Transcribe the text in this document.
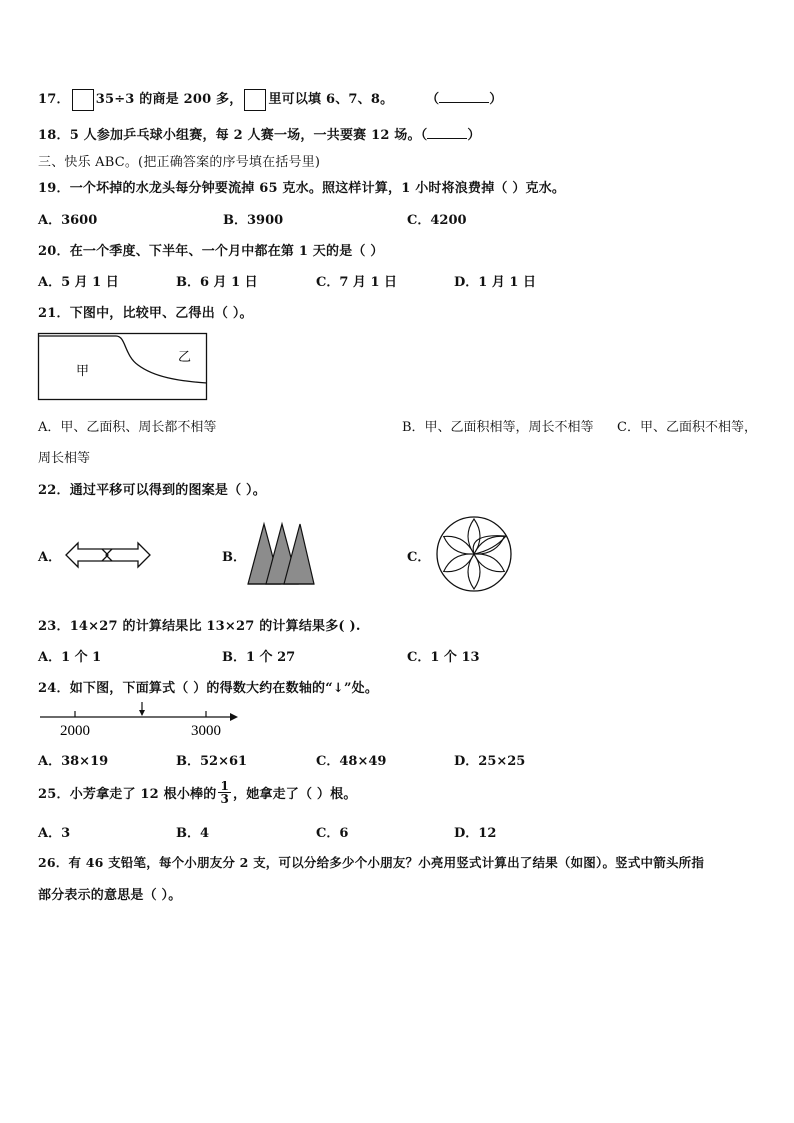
17． 35÷3 的商是 200 多， 里可以填 6、7、8。	（	）
18．5 人参加乒乓球小组赛，每 2 人赛一场，一共要赛 12 场。（	）
三、快乐 ABC。(把正确答案的序号填在括号里)
19．一个坏掉的水龙头每分钟要流掉 65 克水。照这样计算，1 小时将浪费掉（ ）克水。
A．3600	B．3900	C．4200
20．在一个季度、下半年、一个月中都在第 1 天的是（ ）
A．5 月 1 日	B．6 月 1 日	C．7 月 1 日	D．1 月 1 日
21．下图中，比较甲、乙得出（ ）。
甲
乙
A．甲、乙面积、周长都不相等	B．甲、乙面积相等，周长不相等 C．甲、乙面积不相等，
周长相等
22．通过平移可以得到的图案是（ ）。
A．	B．	C．
23．14×27 的计算结果比 13×27 的计算结果多( ).
A．1 个 1	B．1 个 27	C．1 个 13
24．如下图，下面算式（ ）的得数大约在数轴的“↓”处。
2000	3000
A．38×19	B．52×61	C．48×49	D．25×25
25．小芳拿走了 12 根小棒的 $\frac{1}{3}$ ，她拿走了（ ）根。
A．3	B．4	C．6	D．12
26．有 46 支铅笔，每个小朋友分 2 支，可以分给多少个小朋友？小亮用竖式计算出了结果（如图）。竖式中箭头所指
部分表示的意思是（ ）。
